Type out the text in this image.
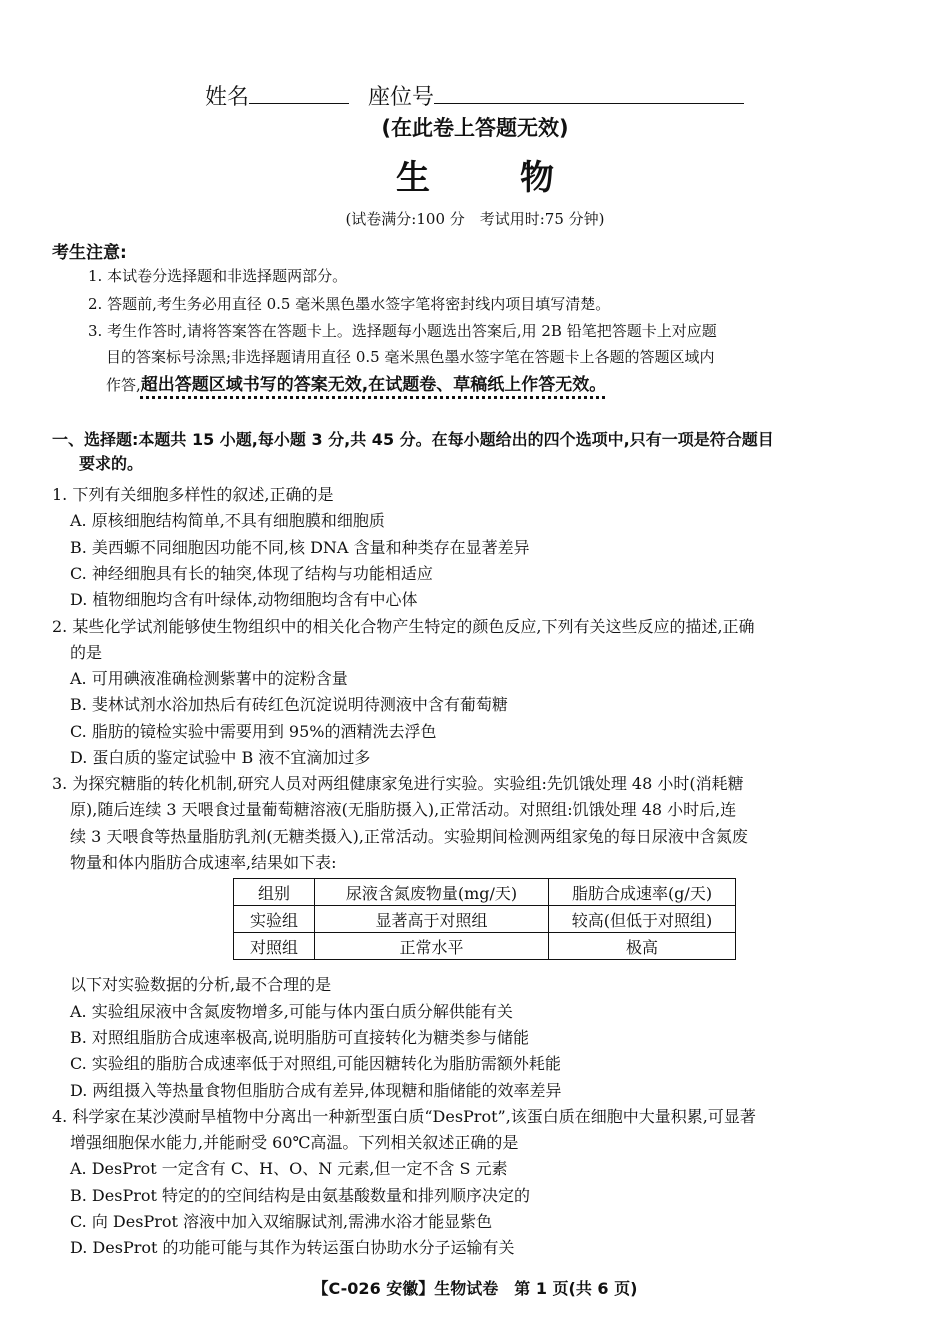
姓名	座位号
(在此卷上答题无效)
生物
(试卷满分:100 分　考试用时:75 分钟)
考生注意:
1. 本试卷分选择题和非选择题两部分。
2. 答题前,考生务必用直径 0.5 毫米黑色墨水签字笔将密封线内项目填写清楚。
3. 考生作答时,请将答案答在答题卡上。选择题每小题选出答案后,用 2B 铅笔把答题卡上对应题
目的答案标号涂黑;非选择题请用直径 0.5 毫米黑色墨水签字笔在答题卡上各题的答题区域内
作答,超出答题区域书写的答案无效,在试题卷、草稿纸上作答无效。
一、选择题:本题共 15 小题,每小题 3 分,共 45 分。在每小题给出的四个选项中,只有一项是符合题目
要求的。
1. 下列有关细胞多样性的叙述,正确的是
A. 原核细胞结构简单,不具有细胞膜和细胞质
B. 美西螈不同细胞因功能不同,核 DNA 含量和种类存在显著差异
C. 神经细胞具有长的轴突,体现了结构与功能相适应
D. 植物细胞均含有叶绿体,动物细胞均含有中心体
2. 某些化学试剂能够使生物组织中的相关化合物产生特定的颜色反应,下列有关这些反应的描述,正确
的是
A. 可用碘液准确检测紫薯中的淀粉含量
B. 斐林试剂水浴加热后有砖红色沉淀说明待测液中含有葡萄糖
C. 脂肪的镜检实验中需要用到 95%的酒精洗去浮色
D. 蛋白质的鉴定试验中 B 液不宜滴加过多
3. 为探究糖脂的转化机制,研究人员对两组健康家兔进行实验。实验组:先饥饿处理 48 小时(消耗糖
原),随后连续 3 天喂食过量葡萄糖溶液(无脂肪摄入),正常活动。对照组:饥饿处理 48 小时后,连
续 3 天喂食等热量脂肪乳剂(无糖类摄入),正常活动。实验期间检测两组家兔的每日尿液中含氮废
物量和体内脂肪合成速率,结果如下表:
组别	尿液含氮废物量(mg/天)	脂肪合成速率(g/天)
实验组	显著高于对照组	较高(但低于对照组)
对照组	正常水平	极高
以下对实验数据的分析,最不合理的是
A. 实验组尿液中含氮废物增多,可能与体内蛋白质分解供能有关
B. 对照组脂肪合成速率极高,说明脂肪可直接转化为糖类参与储能
C. 实验组的脂肪合成速率低于对照组,可能因糖转化为脂肪需额外耗能
D. 两组摄入等热量食物但脂肪合成有差异,体现糖和脂储能的效率差异
4. 科学家在某沙漠耐旱植物中分离出一种新型蛋白质“DesProt”,该蛋白质在细胞中大量积累,可显著
增强细胞保水能力,并能耐受 60℃高温。下列相关叙述正确的是
A. DesProt 一定含有 C、H、O、N 元素,但一定不含 S 元素
B. DesProt 特定的的空间结构是由氨基酸数量和排列顺序决定的
C. 向 DesProt 溶液中加入双缩脲试剂,需沸水浴才能显紫色
D. DesProt 的功能可能与其作为转运蛋白协助水分子运输有关
【C-026 安徽】生物试卷　第 1 页(共 6 页)
